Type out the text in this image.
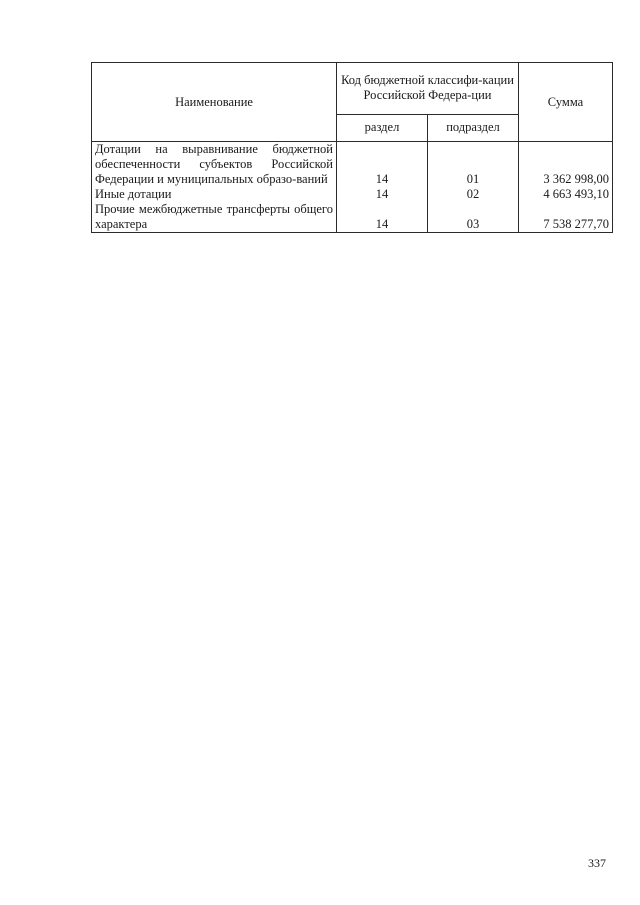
Наименование	Код бюджетной классифи-кации Российской Федера-ции		Сумма
	раздел	подраздел	
Дотации на выравнивание бюджетной обеспеченности субъектов Российской Федерации и муниципальных образо-ваний	14	01	3 362 998,00
Иные дотации	14	02	4 663 493,10
Прочие межбюджетные трансферты общего характера	14	03	7 538 277,70
337
